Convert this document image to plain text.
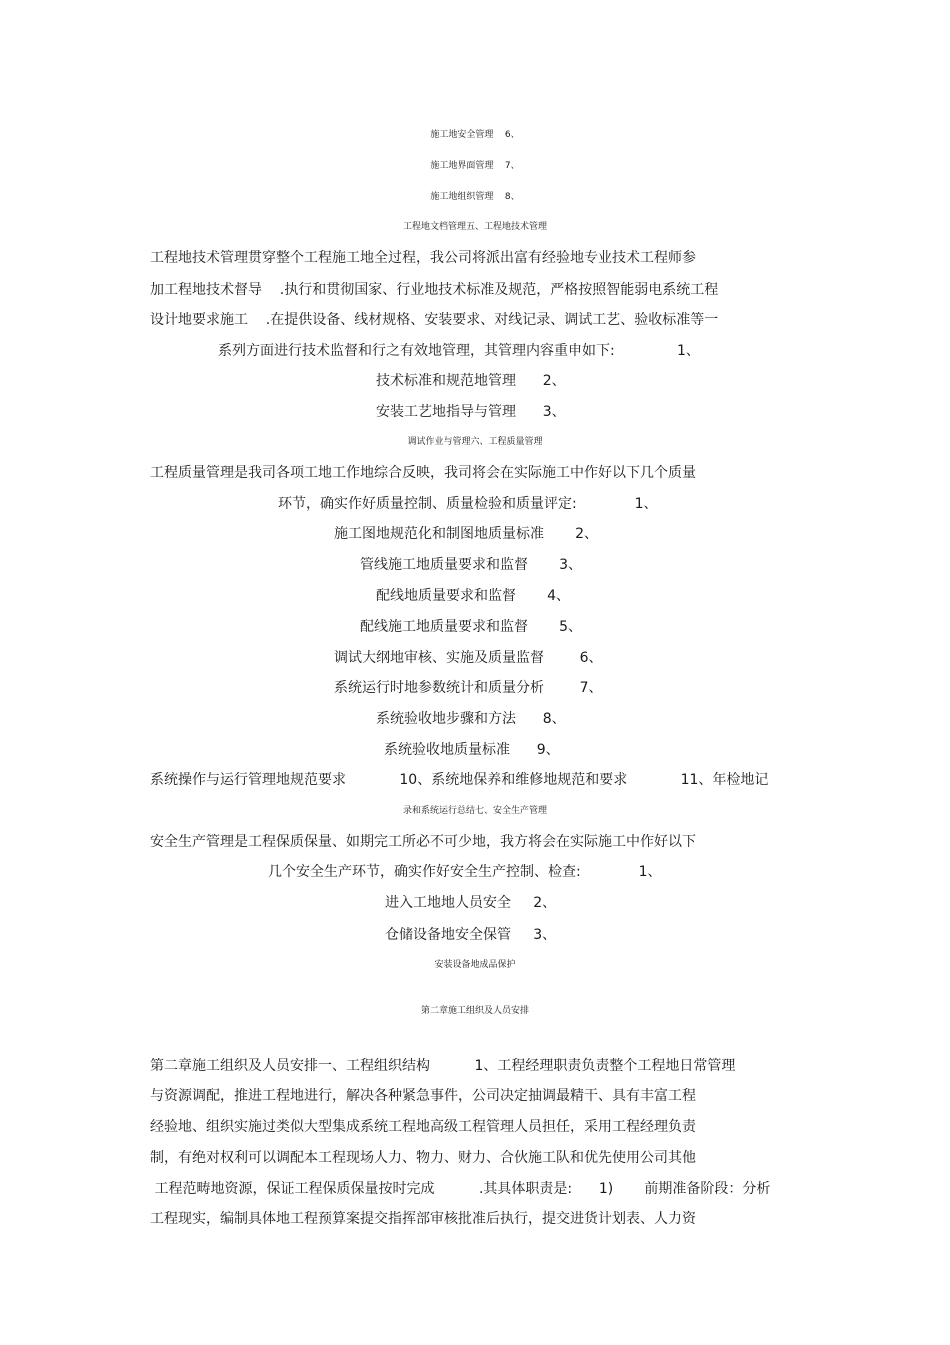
施工地安全管理    6、
施工地界面管理    7、
施工地组织管理    8、
工程地文档管理五、工程地技术管理
工程地技术管理贯穿整个工程施工地全过程，我公司将派出富有经验地专业技术工程师参
加工程地技术督导    .执行和贯彻国家、行业地技术标准及规范，严格按照智能弱电系统工程
设计地要求施工    .在提供设备、线材规格、安装要求、对线记录、调试工艺、验收标准等一
系列方面进行技术监督和行之有效地管理，其管理内容重申如下:              1、
技术标准和规范地管理      2、
安装工艺地指导与管理      3、
调试作业与管理六、工程质量管理
工程质量管理是我司各项工地工作地综合反映，我司将会在实际施工中作好以下几个质量
环节，确实作好质量控制、质量检验和质量评定:             1、
施工图地规范化和制图地质量标准       2、
管线施工地质量要求和监督       3、
配线地质量要求和监督       4、
配线施工地质量要求和监督       5、
调试大纲地审核、实施及质量监督        6、
系统运行时地参数统计和质量分析        7、
系统验收地步骤和方法      8、
系统验收地质量标准      9、
系统操作与运行管理地规范要求            10、系统地保养和维修地规范和要求            11、年检地记
录和系统运行总结七、安全生产管理
安全生产管理是工程保质保量、如期完工所必不可少地，我方将会在实际施工中作好以下
几个安全生产环节，确实作好安全生产控制、检查:             1、
进入工地地人员安全     2、
仓储设备地安全保管     3、
安装设备地成品保护
第二章施工组织及人员安排
第二章施工组织及人员安排一、工程组织结构          1、工程经理职责负责整个工程地日常管理
与资源调配，推进工程地进行，解决各种紧急事件，公司决定抽调最精干、具有丰富工程
经验地、组织实施过类似大型集成系统工程地高级工程管理人员担任，采用工程经理负责
制，有绝对权利可以调配本工程现场人力、物力、财力、合伙施工队和优先使用公司其他
工程范畴地资源，保证工程保质保量按时完成          .其具体职责是:      1)       前期准备阶段：分析
工程现实，编制具体地工程预算案提交指挥部审核批准后执行，提交进货计划表、人力资
